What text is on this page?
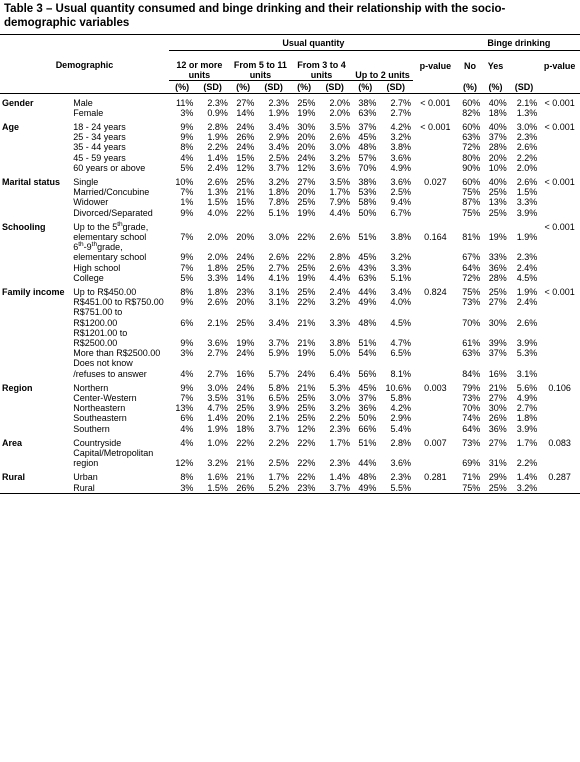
Table 3 – Usual quantity consumed and binge drinking and their relationship with the socio-demographic variables
		Usual quantity									Binge drinking			
Demographic		12 or more units		From 5 to 11 units		From 3 to 4 units		Up to 2 units		p-value	No	Yes		p-value
		(%)	(SD)	(%)	(SD)	(%)	(SD)	(%)	(SD)		(%)	(%)	(SD)	
Gender	Male	11%	2.3%	27%	2.3%	25%	2.0%	38%	2.7%	< 0.001	60%	40%	2.1%	< 0.001
	Female	3%	0.9%	14%	1.9%	19%	2.0%	63%	2.7%		82%	18%	1.3%	
Age	18 - 24 years	9%	2.8%	24%	3.4%	30%	3.5%	37%	4.2%	< 0.001	60%	40%	3.0%	< 0.001
	25 - 34 years	9%	1.9%	26%	2.9%	20%	2.6%	45%	3.2%		63%	37%	2.3%	
	35 - 44 years	8%	2.2%	24%	3.4%	20%	3.0%	48%	3.8%		72%	28%	2.6%	
	45 - 59 years	4%	1.4%	15%	2.5%	24%	3.2%	57%	3.6%		80%	20%	2.2%	
	60 years or above	5%	2.4%	12%	3.7%	12%	3.6%	70%	4.9%		90%	10%	2.0%	
Marital status	Single	10%	2.6%	25%	3.2%	27%	3.5%	38%	3.6%	0.027	60%	40%	2.6%	< 0.001
	Married/Concubine	7%	1.3%	21%	1.8%	20%	1.7%	53%	2.5%		75%	25%	1.5%	
	Widower	1%	1.5%	15%	7.8%	25%	7.9%	58%	9.4%		87%	13%	3.3%	
	Divorced/Separated	9%	4.0%	22%	5.1%	19%	4.4%	50%	6.7%		75%	25%	3.9%	
Schooling	Up to the 5thgrade, elementary school	7%	2.0%	20%	3.0%	22%	2.6%	51%	3.8%	0.164	81%	19%	1.9%	< 0.001
	6th-9thgrade, elementary school	9%	2.0%	24%	2.6%	22%	2.8%	45%	3.2%		67%	33%	2.3%	
	High school	7%	1.8%	25%	2.7%	25%	2.6%	43%	3.3%		64%	36%	2.4%	
	College	5%	3.3%	14%	4.1%	19%	4.4%	63%	5.1%		72%	28%	4.5%	
Family income	Up to R$450.00	8%	1.8%	23%	3.1%	25%	2.4%	44%	3.4%	0.824	75%	25%	1.9%	< 0.001
	R$451.00 to R$750.00	9%	2.6%	20%	3.1%	22%	3.2%	49%	4.0%		73%	27%	2.4%	
	R$751.00 to R$1200.00	6%	2.1%	25%	3.4%	21%	3.3%	48%	4.5%		70%	30%	2.6%	
	R$1201.00 to R$2500.00	9%	3.6%	19%	3.7%	21%	3.8%	51%	4.7%		61%	39%	3.9%	
	More than R$2500.00	3%	2.7%	24%	5.9%	19%	5.0%	54%	6.5%		63%	37%	5.3%	
	Does not know /refuses to answer	4%	2.7%	16%	5.7%	24%	6.4%	56%	8.1%		84%	16%	3.1%	
Region	Northern	9%	3.0%	24%	5.8%	21%	5.3%	45%	10.6%	0.003	79%	21%	5.6%	0.106
	Center-Western	7%	3.5%	31%	6.5%	25%	3.0%	37%	5.8%		73%	27%	4.9%	
	Northeastern	13%	4.7%	25%	3.9%	25%	3.2%	36%	4.2%		70%	30%	2.7%	
	Southeastern	6%	1.4%	20%	2.1%	25%	2.2%	50%	2.9%		74%	26%	1.8%	
	Southern	4%	1.9%	18%	3.7%	12%	2.3%	66%	5.4%		64%	36%	3.9%	
Area	Countryside	4%	1.0%	22%	2.2%	22%	1.7%	51%	2.8%	0.007	73%	27%	1.7%	0.083
	Capital/Metropolitan region	12%	3.2%	21%	2.5%	22%	2.3%	44%	3.6%		69%	31%	2.2%	
Rural	Urban	8%	1.6%	21%	1.7%	22%	1.4%	48%	2.3%	0.281	71%	29%	1.4%	0.287
	Rural	3%	1.5%	26%	5.2%	23%	3.7%	49%	5.5%		75%	25%	3.2%	
